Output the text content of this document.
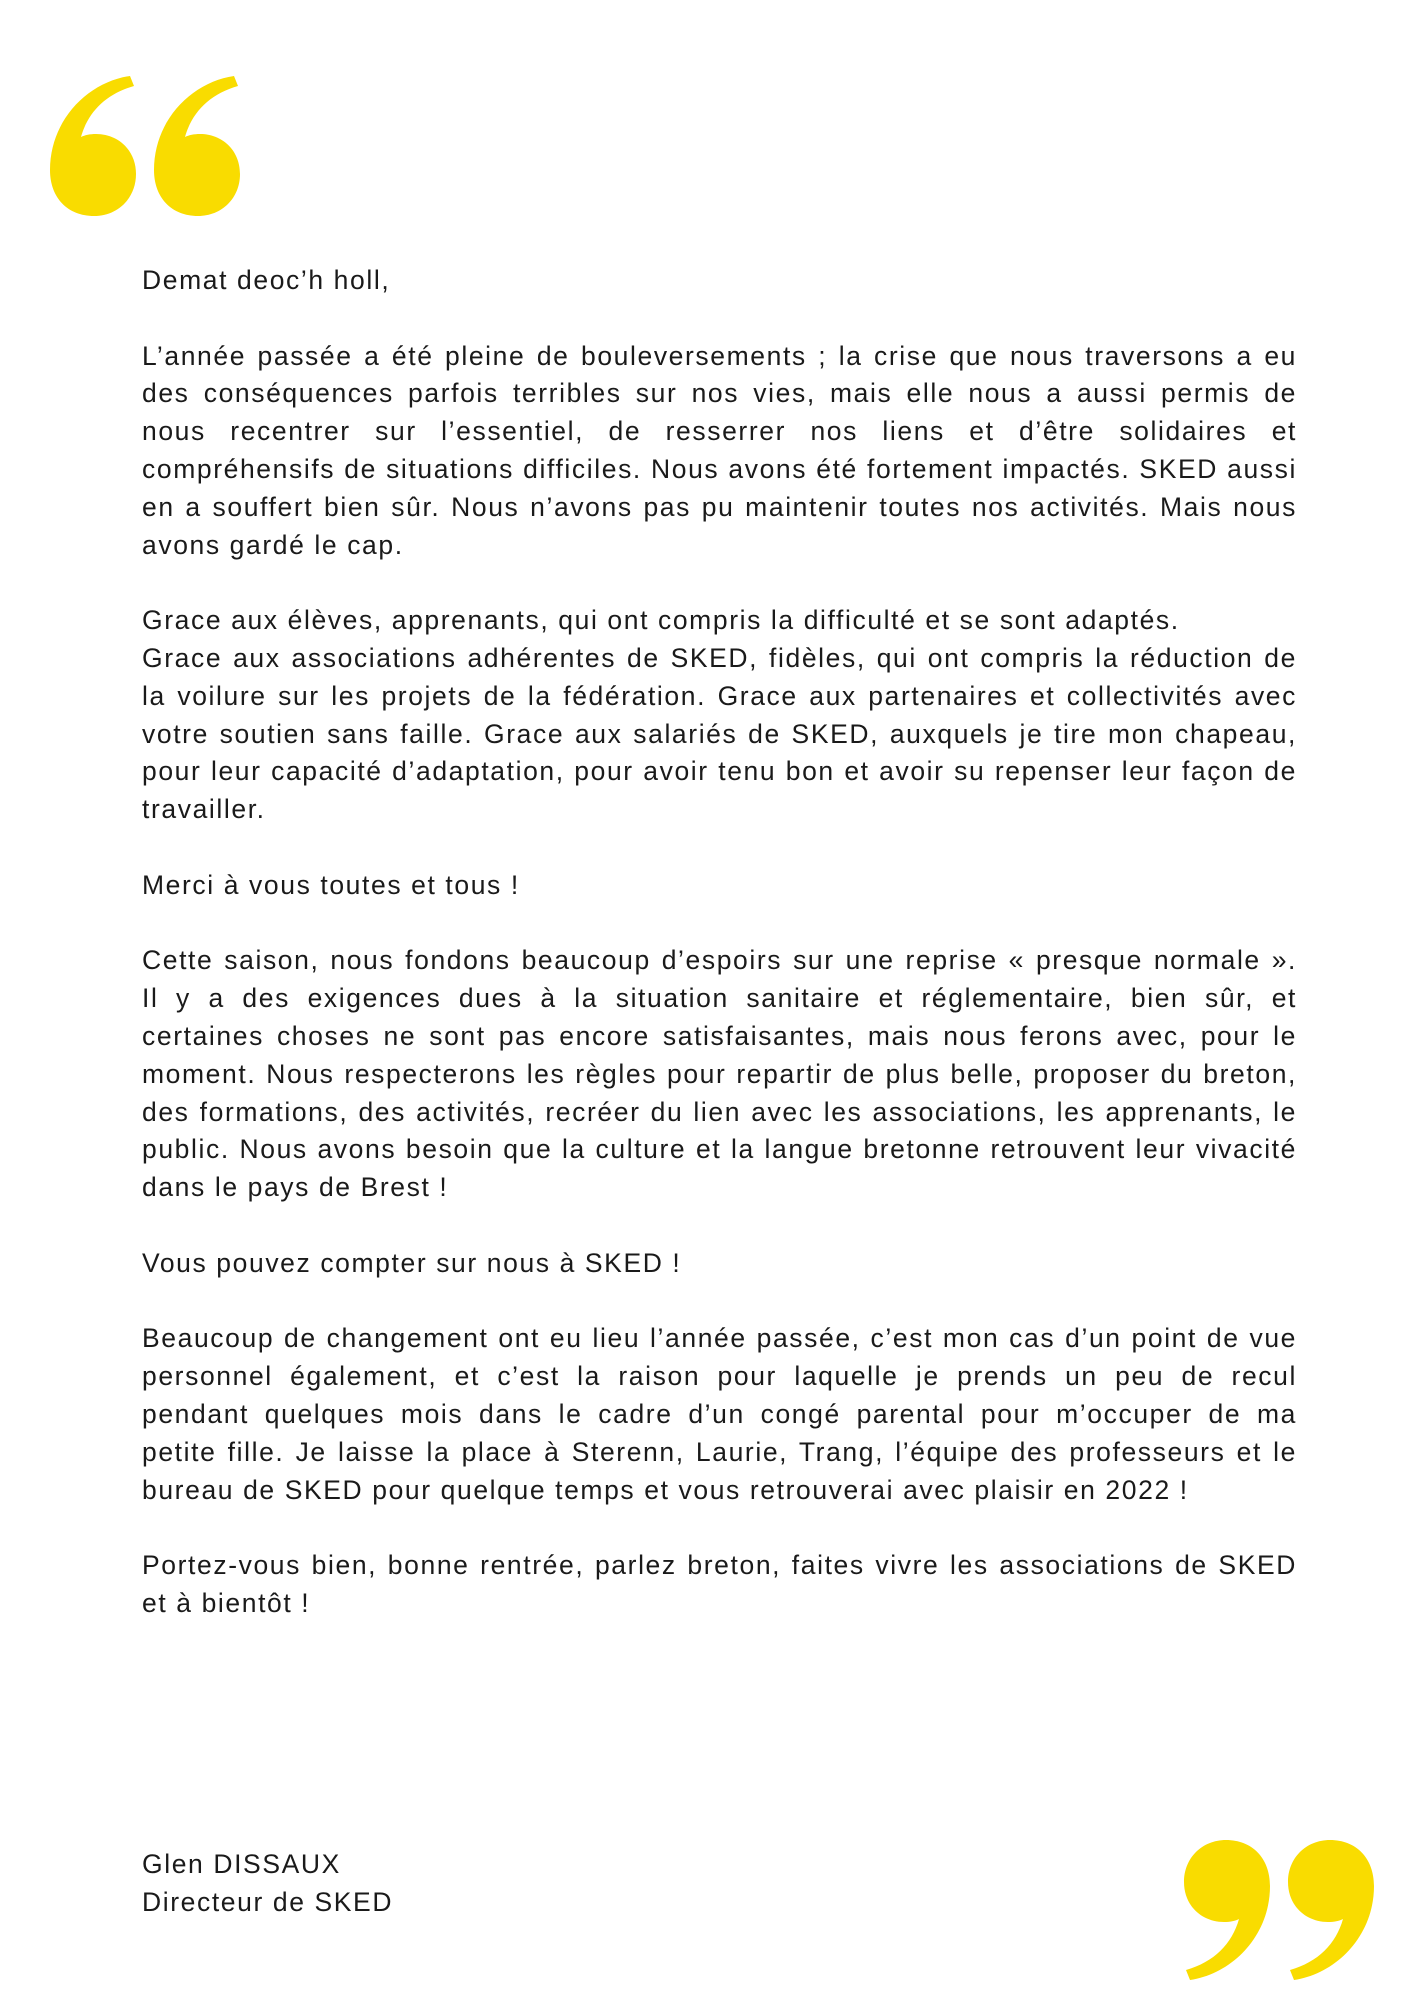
Demat deoc’h holl,

L’année passée a été pleine de bouleversements ; la crise que nous traversons a eu des conséquences parfois terribles sur nos vies, mais elle nous a aussi permis de nous recentrer sur l’essentiel, de resserrer nos liens et d’être solidaires et compréhensifs de situations difficiles. Nous avons été fortement impactés. SKED aussi en a souffert bien sûr. Nous n’avons pas pu maintenir toutes nos activités. Mais nous avons gardé le cap.

Grace aux élèves, apprenants, qui ont compris la difficulté et se sont adaptés.

Grace aux associations adhérentes de SKED, fidèles, qui ont compris la réduction de la voilure sur les projets de la fédération. Grace aux partenaires et collectivités avec votre soutien sans faille. Grace aux salariés de SKED, auxquels je tire mon chapeau, pour leur capacité d’adaptation, pour avoir tenu bon et avoir su repenser leur façon de travailler.

Merci à vous toutes et tous !

Cette saison, nous fondons beaucoup d’espoirs sur une reprise « presque normale ». Il y a des exigences dues à la situation sanitaire et réglementaire, bien sûr, et certaines choses ne sont pas encore satisfaisantes, mais nous ferons avec, pour le moment. Nous respecterons les règles pour repartir de plus belle, proposer du breton, des formations, des activités, recréer du lien avec les associations, les apprenants, le public. Nous avons besoin que la culture et la langue bretonne retrouvent leur vivacité dans le pays de Brest !

Vous pouvez compter sur nous à SKED !

Beaucoup de changement ont eu lieu l’année passée, c’est mon cas d’un point de vue personnel également, et c’est la raison pour laquelle je prends un peu de recul pendant quelques mois dans le cadre d’un congé parental pour m’occuper de ma petite fille. Je laisse la place à Sterenn, Laurie, Trang, l’équipe des professeurs et le bureau de SKED pour quelque temps et vous retrouverai avec plaisir en 2022 !

Portez-vous bien, bonne rentrée, parlez breton, faites vivre les associations de SKED et à bientôt !

Glen DISSAUX
Directeur de SKED
